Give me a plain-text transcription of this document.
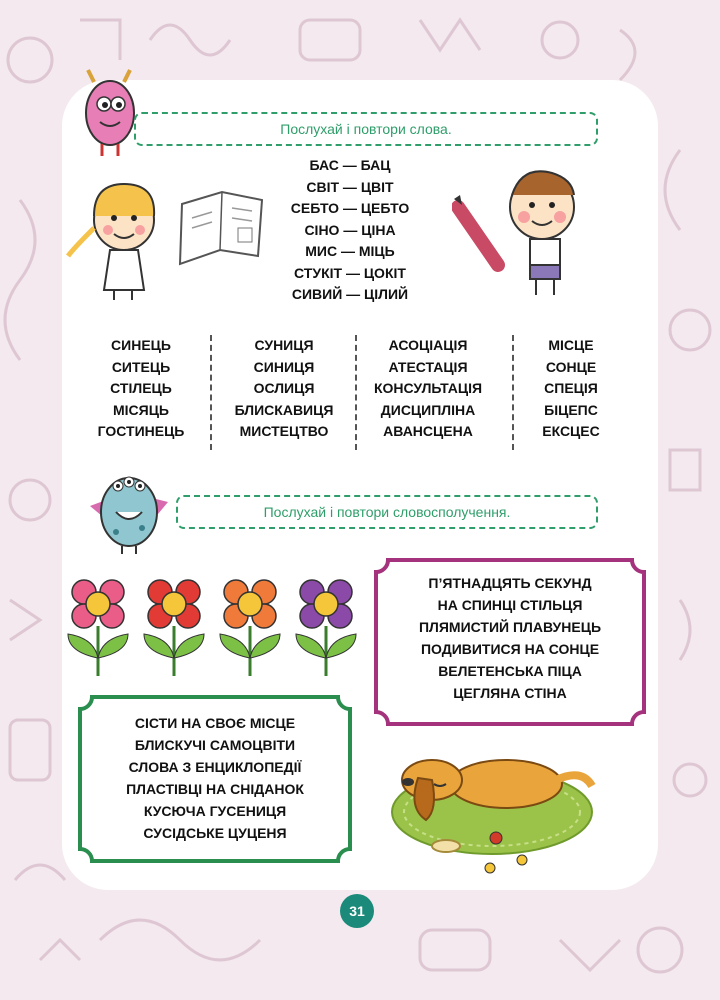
Послухай і повтори слова.
БАС — БАЦ
СВІТ — ЦВІТ
СЕБТО — ЦЕБТО
СІНО — ЦІНА
МИС — МІЦЬ
СТУКІТ — ЦОКІТ
СИВИЙ — ЦІЛИЙ
СИНЕЦЬ
СИТЕЦЬ
СТІЛЕЦЬ
МІСЯЦЬ
ГОСТИНЕЦЬ
СУНИЦЯ
СИНИЦЯ
ОСЛИЦЯ
БЛИСКАВИЦЯ
МИСТЕЦТВО
АСОЦІАЦІЯ
АТЕСТАЦІЯ
КОНСУЛЬТАЦІЯ
ДИСЦИПЛІНА
АВАНСЦЕНА
МІСЦЕ
СОНЦЕ
СПЕЦІЯ
БІЦЕПС
ЕКСЦЕС
Послухай і повтори словосполучення.
П’ЯТНАДЦЯТЬ СЕКУНД
НА СПИНЦІ СТІЛЬЦЯ
ПЛЯМИСТИЙ ПЛАВУНЕЦЬ
ПОДИВИТИСЯ НА СОНЦЕ
ВЕЛЕТЕНСЬКА ПІЦА
ЦЕГЛЯНА СТІНА
СІСТИ НА СВОЄ МІСЦЕ
БЛИСКУЧІ САМОЦВІТИ
СЛОВА З ЕНЦИКЛОПЕДІЇ
ПЛАСТІВЦІ НА СНІДАНОК
КУСЮЧА ГУСЕНИЦЯ
СУСІДСЬКЕ ЦУЦЕНЯ
31
